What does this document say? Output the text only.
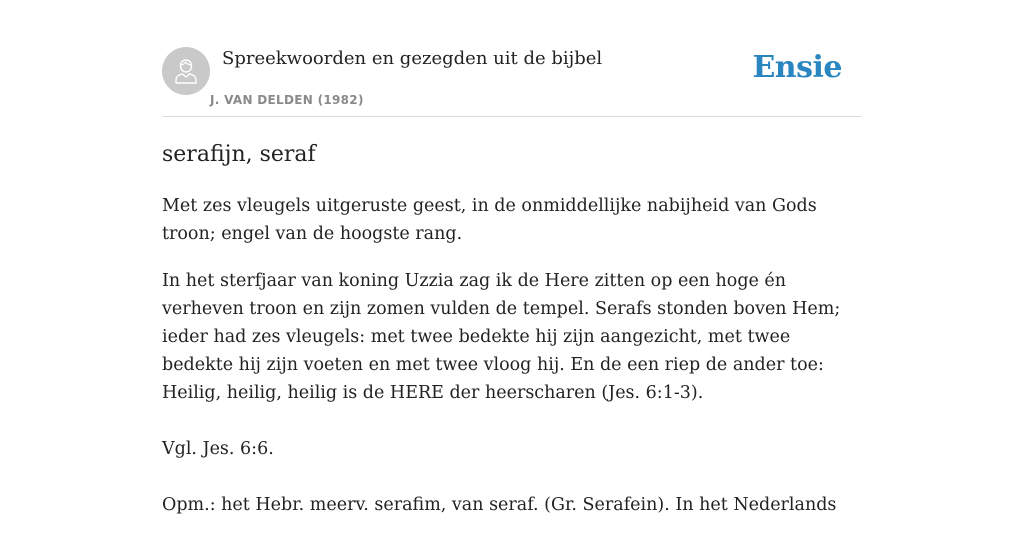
Spreekwoorden en gezegden uit de bijbel
J. VAN DELDEN (1982)
Ensie
serafijn, seraf

Met zes vleugels uitgeruste geest, in de onmiddellijke nabijheid van Gods troon; engel van de hoogste rang.

In het sterfjaar van koning Uzzia zag ik de Here zitten op een hoge én verheven troon en zijn zomen vulden de tempel. Serafs stonden boven Hem; ieder had zes vleugels: met twee bedekte hij zijn aangezicht, met twee bedekte hij zijn voeten en met twee vloog hij. En de een riep de ander toe: Heilig, heilig, heilig is de HERE der heerscharen (Jes. 6:1-3).

Vgl. Jes. 6:6.

Opm.: het Hebr. meerv. serafim, van seraf. (Gr. Serafein). In het Nederlands
